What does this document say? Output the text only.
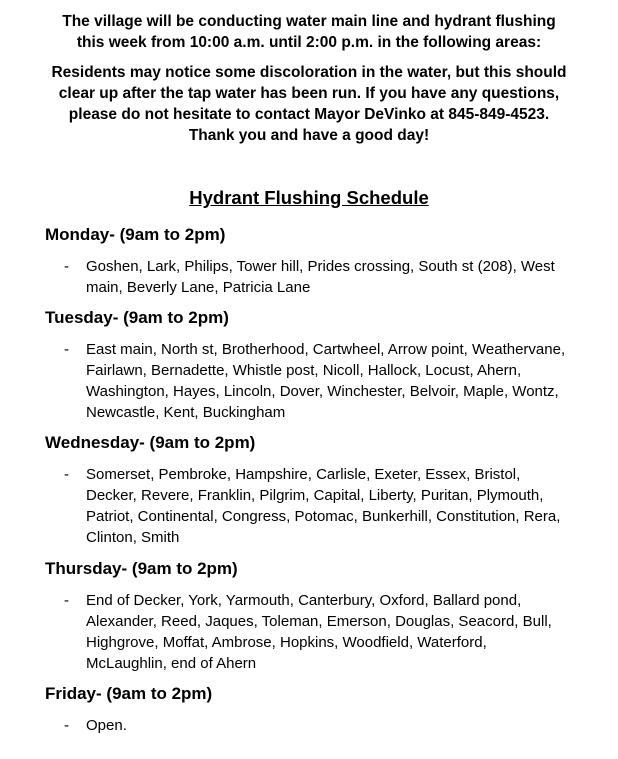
The village will be conducting water main line and hydrant flushing

this week from 10:00 a.m. until 2:00 p.m. in the following areas:

Residents may notice some discoloration in the water, but this should

clear up after the tap water has been run. If you have any questions,

please do not hesitate to contact Mayor DeVinko at 845-849-4523.

Thank you and have a good day!

Hydrant Flushing Schedule

Monday- (9am to 2pm)

- Goshen, Lark, Philips, Tower hill, Prides crossing, South st (208), West main, Beverly Lane, Patricia Lane

Tuesday- (9am to 2pm)

- East main, North st, Brotherhood, Cartwheel, Arrow point, Weathervane, Fairlawn, Bernadette, Whistle post, Nicoll, Hallock, Locust, Ahern, Washington, Hayes, Lincoln, Dover, Winchester, Belvoir, Maple, Wontz, Newcastle, Kent, Buckingham

Wednesday- (9am to 2pm)

- Somerset, Pembroke, Hampshire, Carlisle, Exeter, Essex, Bristol, Decker, Revere, Franklin, Pilgrim, Capital, Liberty, Puritan, Plymouth, Patriot, Continental, Congress, Potomac, Bunkerhill, Constitution, Rera, Clinton, Smith

Thursday- (9am to 2pm)

- End of Decker, York, Yarmouth, Canterbury, Oxford, Ballard pond, Alexander, Reed, Jaques, Toleman, Emerson, Douglas, Seacord, Bull, Highgrove, Moffat, Ambrose, Hopkins, Woodfield, Waterford, McLaughlin, end of Ahern

Friday- (9am to 2pm)

- Open.
